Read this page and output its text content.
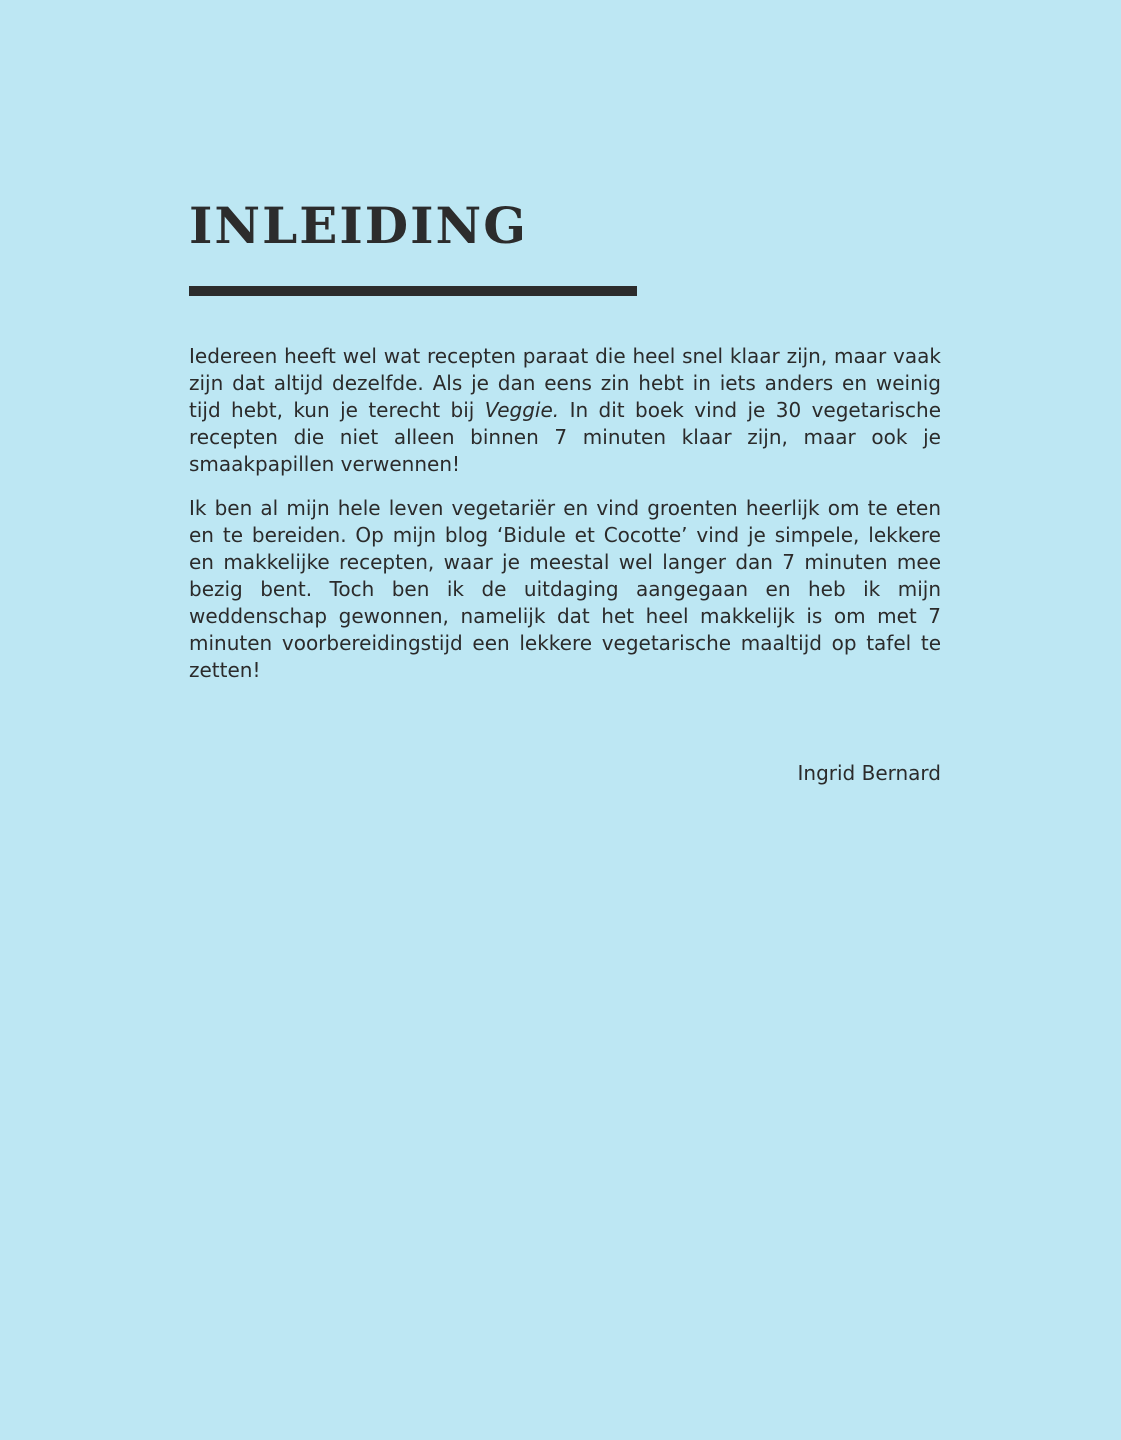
INLEIDING

Iedereen heeft wel wat recepten paraat die heel snel klaar zijn, maar vaak zijn dat altijd dezelfde. Als je dan eens zin hebt in iets anders en weinig tijd hebt, kun je terecht bij Veggie. In dit boek vind je 30 vegetarische recepten die niet alleen binnen 7 minuten klaar zijn, maar ook je smaakpapillen verwennen!

Ik ben al mijn hele leven vegetariër en vind groenten heerlijk om te eten en te bereiden. Op mijn blog ‘Bidule et Cocotte’ vind je simpele, lekkere en makkelijke recepten, waar je meestal wel langer dan 7 minuten mee bezig bent. Toch ben ik de uitdaging aangegaan en heb ik mijn weddenschap gewonnen, namelijk dat het heel makkelijk is om met 7 minuten voorbereidingstijd een lekkere vegetarische maaltijd op tafel te zetten!

Ingrid Bernard
